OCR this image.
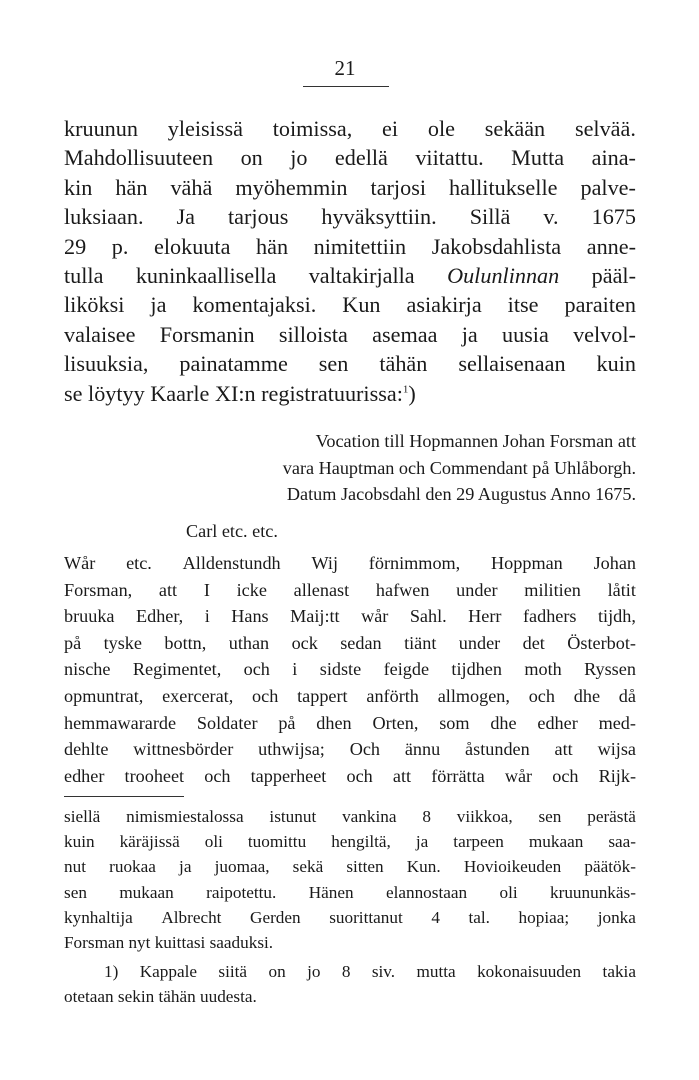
21
kruunun yleisissä toimissa, ei ole sekään selvää.
Mahdollisuuteen on jo edellä viitattu. Mutta aina-
kin hän vähä myöhemmin tarjosi hallitukselle palve-
luksiaan. Ja tarjous hyväksyttiin. Sillä v. 1675
29 p. elokuuta hän nimitettiin Jakobsdahlista anne-
tulla kuninkaallisella valtakirjalla Oulunlinnan pääl-
liköksi ja komentajaksi. Kun asiakirja itse paraiten
valaisee Forsmanin silloista asemaa ja uusia velvol-
lisuuksia, painatamme sen tähän sellaisenaan kuin
se löytyy Kaarle XI:n registratuurissa:$^1$)
Vocation till Hopmannen Johan Forsman att
vara Hauptman och Commendant på Uhlåborgh.
Datum Jacobsdahl den 29 Augustus Anno 1675.
Carl etc. etc.
Wår etc. Alldenstundh Wij förnimmom, Hoppman Johan
Forsman, att I icke allenast hafwen under militien låtit
bruuka Edher, i Hans Maij:tt wår Sahl. Herr fadhers tijdh,
på tyske bottn, uthan ock sedan tiänt under det Österbot-
nische Regimentet, och i sidste feigde tijdhen moth Ryssen
opmuntrat, exercerat, och tappert anförth allmogen, och dhe då
hemmawararde Soldater på dhen Orten, som dhe edher med-
dehlte wittnesbörder uthwijsa; Och ännu åstunden att wijsa
edher trooheet och tapperheet och att förrätta wår och Rijk-
siellä nimismiestalossa istunut vankina 8 viikkoa, sen perästä
kuin käräjissä oli tuomittu hengiltä, ja tarpeen mukaan saa-
nut ruokaa ja juomaa, sekä sitten Kun. Hovioikeuden päätök-
sen mukaan raipotettu. Hänen elannostaan oli kruununkäs-
kynhaltija Albrecht Gerden suorittanut 4 tal. hopiaa; jonka
Forsman nyt kuittasi saaduksi.
1) Kappale siitä on jo 8 siv. mutta kokonaisuuden takia
otetaan sekin tähän uudesta.
